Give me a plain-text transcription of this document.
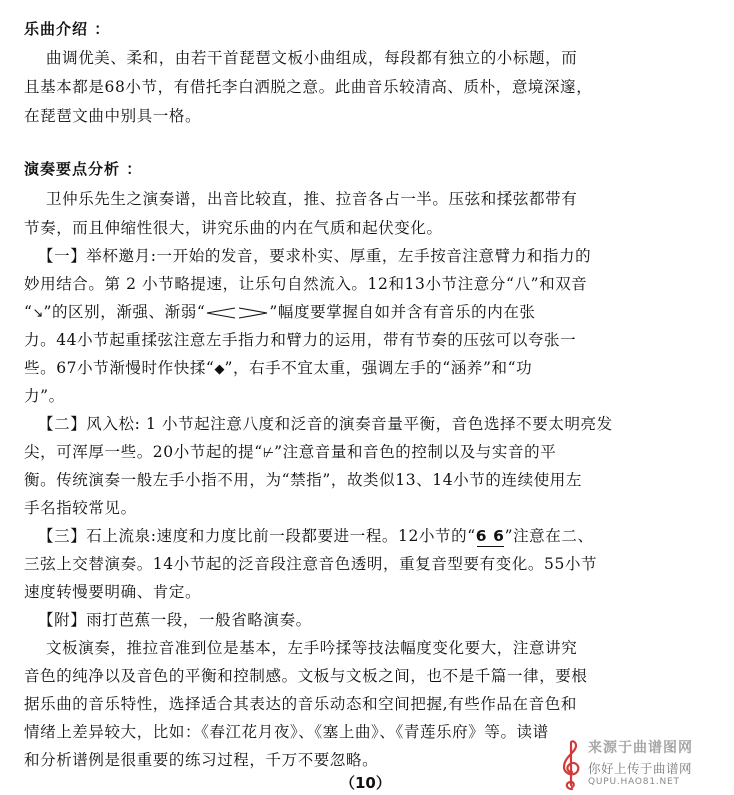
乐曲介绍 ：
曲调优美、柔和，由若干首琵琶文板小曲组成，每段都有独立的小标题，而
且基本都是68小节，有借托李白洒脱之意。此曲音乐较清高、质朴，意境深邃，
在琵琶文曲中别具一格。
演奏要点分析 ：
卫仲乐先生之演奏谱，出音比较直，推、拉音各占一半。压弦和揉弦都带有
节奏，而且伸缩性很大，讲究乐曲的内在气质和起伏变化。
【一】举杯邀月:一开始的发音，要求朴实、厚重，左手按音注意臂力和指力的
妙用结合。第 2 小节略提速，让乐句自然流入。12和13小节注意分“八”和双音
“↘”的区别，渐强、渐弱“	”幅度要掌握自如并含有音乐的内在张
力。44小节起重揉弦注意左手指力和臂力的运用，带有节奏的压弦可以夸张一
些。67小节渐慢时作快揉“◆”，右手不宜太重，强调左手的“涵养”和“功
力”。
【二】风入松: 1 小节起注意八度和泛音的演奏音量平衡，音色选择不要太明亮发
尖，可浑厚一些。20小节起的提“⊬”注意音量和音色的控制以及与实音的平
衡。传统演奏一般左手小指不用，为“禁指”，故类似13、14小节的连续使用左
手名指较常见。
【三】石上流泉:速度和力度比前一段都要进一程。12小节的“6 6”注意在二、
三弦上交替演奏。14小节起的泛音段注意音色透明，重复音型要有变化。55小节
速度转慢要明确、肯定。
【附】雨打芭蕉一段，一般省略演奏。
文板演奏，推拉音准到位是基本，左手吟揉等技法幅度变化要大，注意讲究
音色的纯净以及音色的平衡和控制感。文板与文板之间，也不是千篇一律，要根
据乐曲的音乐特性，选择适合其表达的音乐动态和空间把握,有些作品在音色和
情绪上差异较大，比如：《春江花月夜》、《塞上曲》、《青莲乐府》等。读谱
和分析谱例是很重要的练习过程，千万不要忽略。
（10）
来源于曲谱图网
你好上传于曲谱网
QUPU.HAO81.NET
